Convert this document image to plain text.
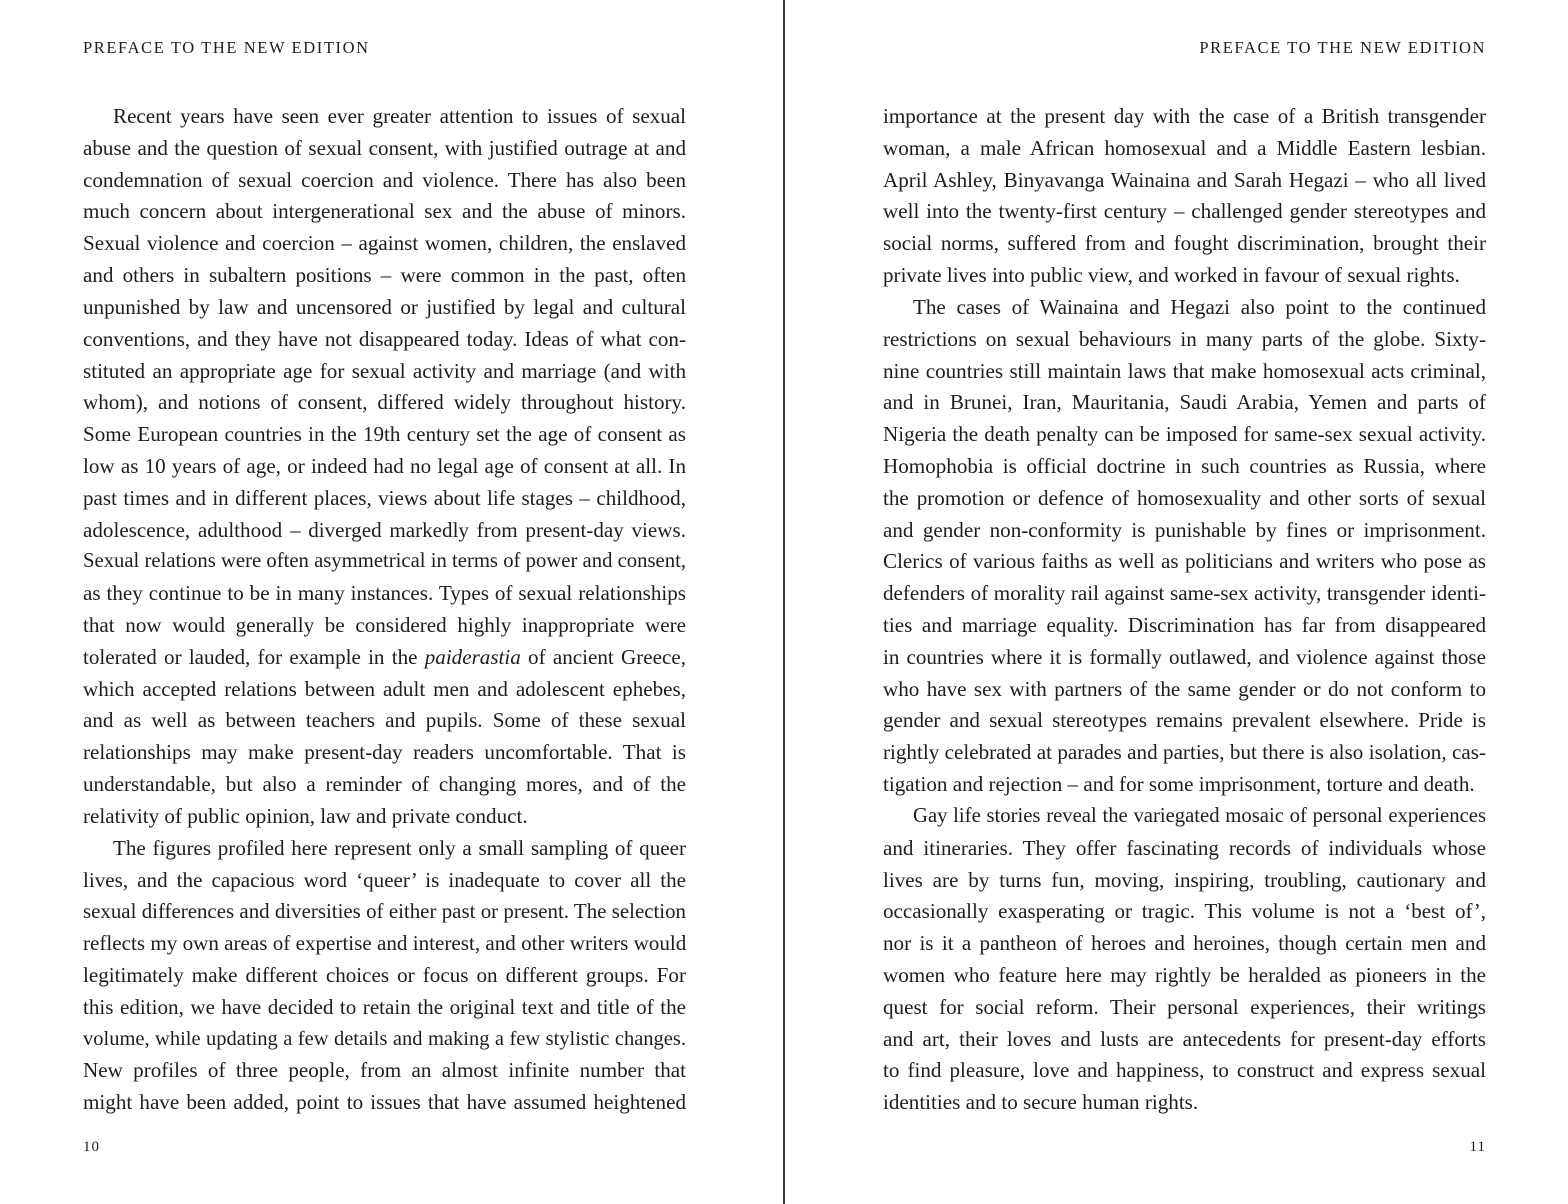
PREFACE TO THE NEW EDITION
Recent years have seen ever greater attention to issues of sexual
abuse and the question of sexual consent, with justified outrage at and
condemnation of sexual coercion and violence. There has also been
much concern about intergenerational sex and the abuse of minors.
Sexual violence and coercion – against women, children, the enslaved
and others in subaltern positions – were common in the past, often
unpunished by law and uncensored or justified by legal and cultural
conventions, and they have not disappeared today. Ideas of what con-
stituted an appropriate age for sexual activity and marriage (and with
whom), and notions of consent, differed widely throughout history.
Some European countries in the 19th century set the age of consent as
low as 10 years of age, or indeed had no legal age of consent at all. In
past times and in different places, views about life stages – childhood,
adolescence, adulthood – diverged markedly from present-day views.
Sexual relations were often asymmetrical in terms of power and consent,
as they continue to be in many instances. Types of sexual relationships
that now would generally be considered highly inappropriate were
tolerated or lauded, for example in the paiderastia of ancient Greece,
which accepted relations between adult men and adolescent ephebes,
and as well as between teachers and pupils. Some of these sexual
relationships may make present-day readers uncomfortable. That is
understandable, but also a reminder of changing mores, and of the
relativity of public opinion, law and private conduct.
The figures profiled here represent only a small sampling of queer
lives, and the capacious word ‘queer’ is inadequate to cover all the
sexual differences and diversities of either past or present. The selection
reflects my own areas of expertise and interest, and other writers would
legitimately make different choices or focus on different groups. For
this edition, we have decided to retain the original text and title of the
volume, while updating a few details and making a few stylistic changes.
New profiles of three people, from an almost infinite number that
might have been added, point to issues that have assumed heightened
10
PREFACE TO THE NEW EDITION
importance at the present day with the case of a British transgender
woman, a male African homosexual and a Middle Eastern lesbian.
April Ashley, Binyavanga Wainaina and Sarah Hegazi – who all lived
well into the twenty-first century – challenged gender stereotypes and
social norms, suffered from and fought discrimination, brought their
private lives into public view, and worked in favour of sexual rights.
The cases of Wainaina and Hegazi also point to the continued
restrictions on sexual behaviours in many parts of the globe. Sixty-
nine countries still maintain laws that make homosexual acts criminal,
and in Brunei, Iran, Mauritania, Saudi Arabia, Yemen and parts of
Nigeria the death penalty can be imposed for same-sex sexual activity.
Homophobia is official doctrine in such countries as Russia, where
the promotion or defence of homosexuality and other sorts of sexual
and gender non-conformity is punishable by fines or imprisonment.
Clerics of various faiths as well as politicians and writers who pose as
defenders of morality rail against same-sex activity, transgender identi-
ties and marriage equality. Discrimination has far from disappeared
in countries where it is formally outlawed, and violence against those
who have sex with partners of the same gender or do not conform to
gender and sexual stereotypes remains prevalent elsewhere. Pride is
rightly celebrated at parades and parties, but there is also isolation, cas-
tigation and rejection – and for some imprisonment, torture and death.
Gay life stories reveal the variegated mosaic of personal experiences
and itineraries. They offer fascinating records of individuals whose
lives are by turns fun, moving, inspiring, troubling, cautionary and
occasionally exasperating or tragic. This volume is not a ‘best of’,
nor is it a pantheon of heroes and heroines, though certain men and
women who feature here may rightly be heralded as pioneers in the
quest for social reform. Their personal experiences, their writings
and art, their loves and lusts are antecedents for present-day efforts
to find pleasure, love and happiness, to construct and express sexual
identities and to secure human rights.
11
